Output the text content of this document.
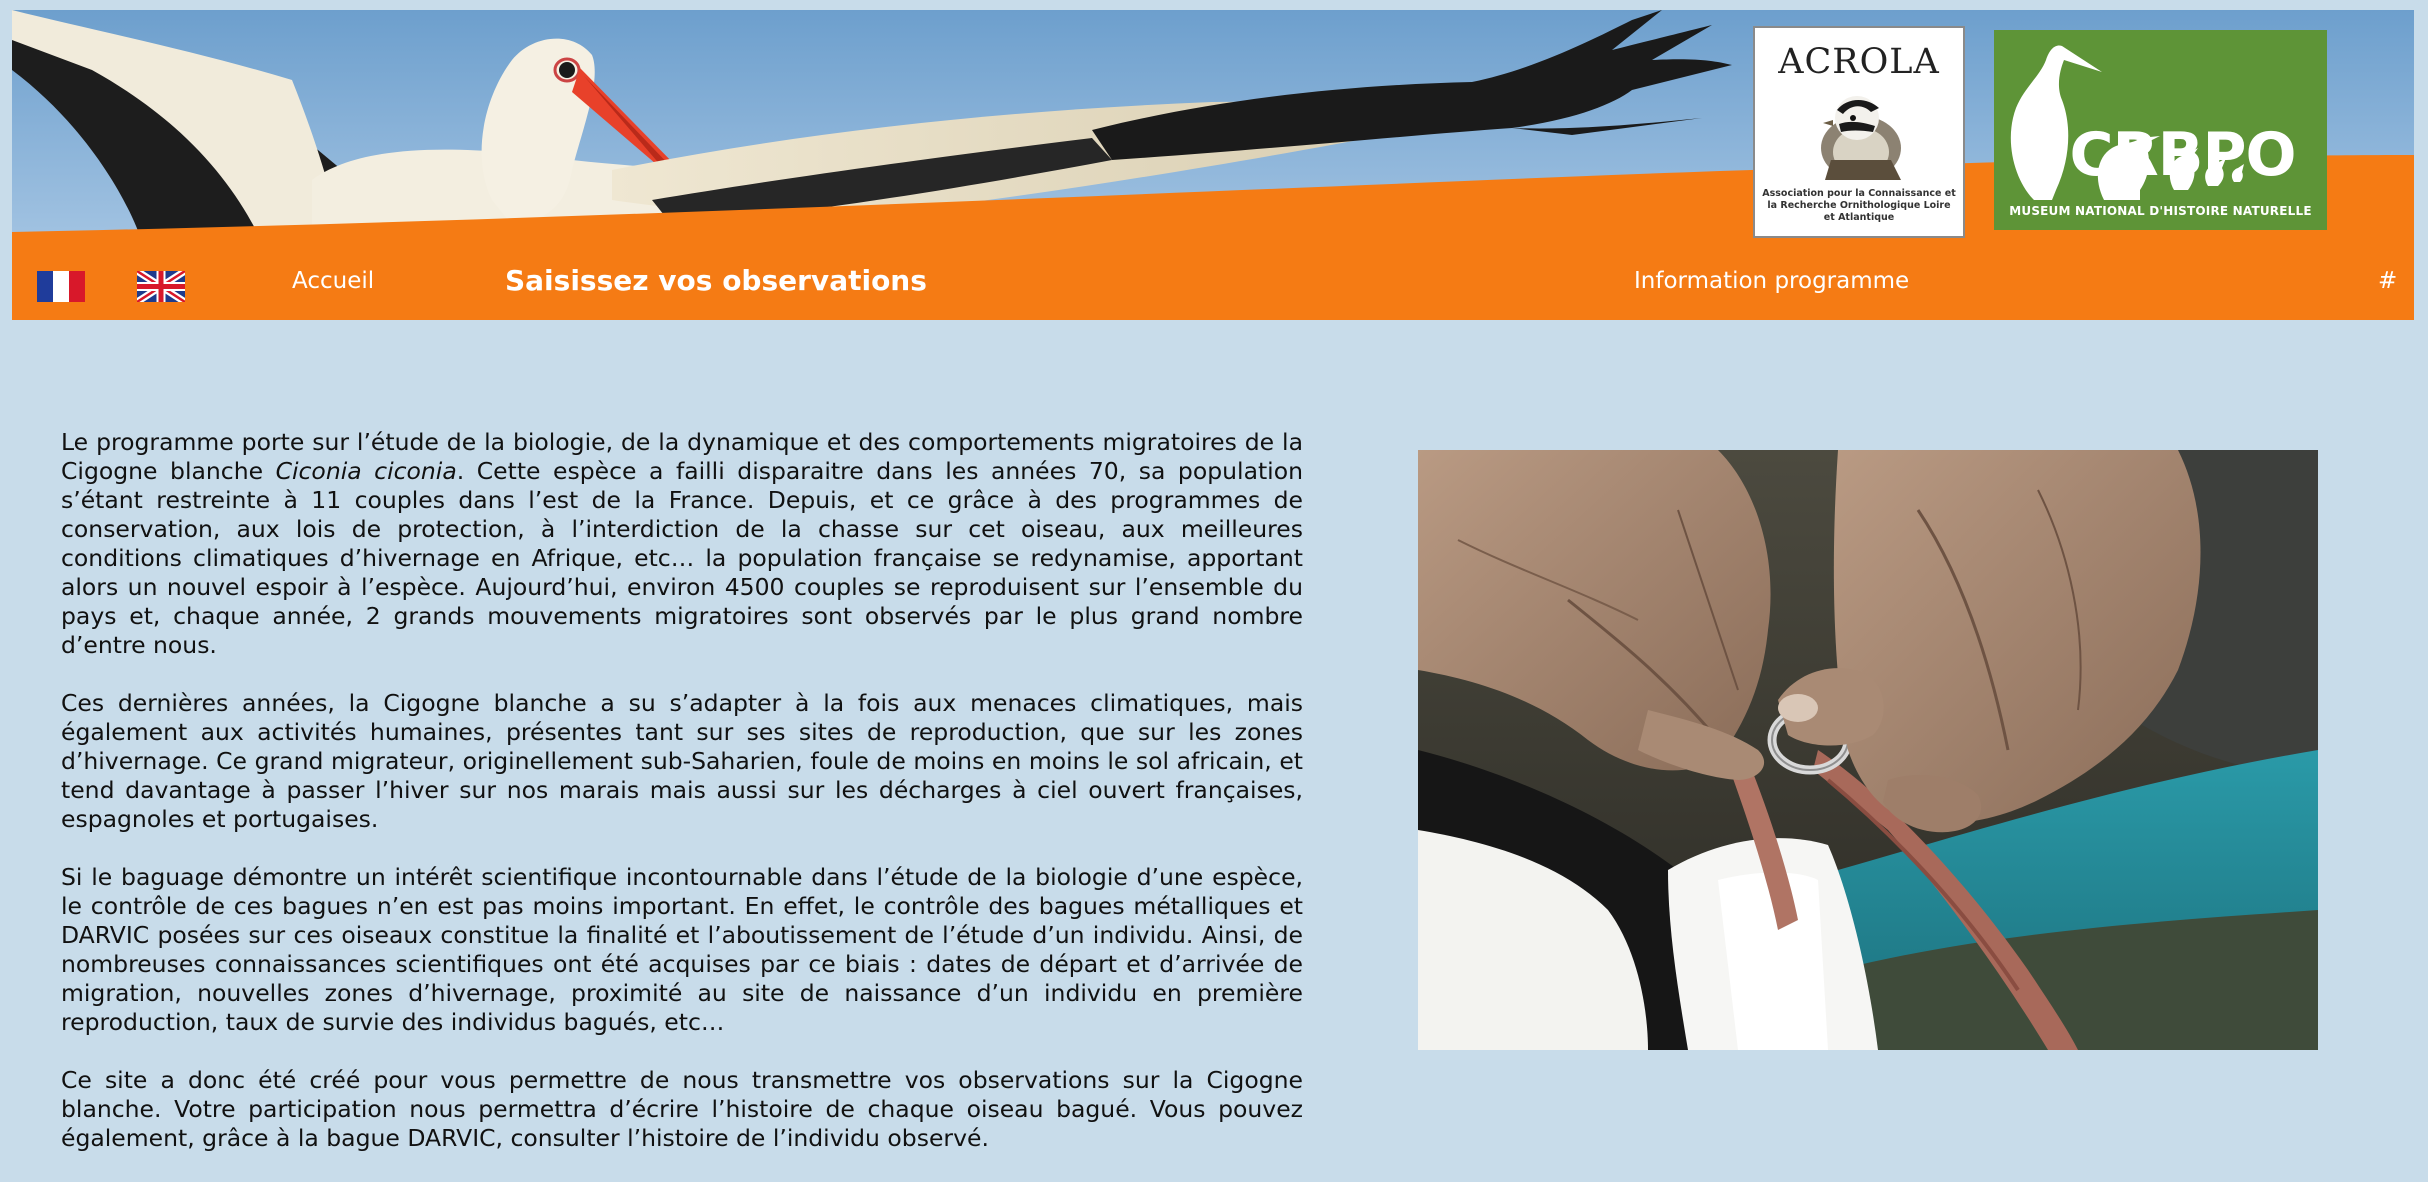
ACROLA
Association pour la Connaissance et la Recherche Ornithologique Loire et Atlantique
CRBPO
MUSEUM NATIONAL D'HISTOIRE NATURELLE
Accueil	Saisissez vos observations	Information programme	#

Le programme porte sur l’étude de la biologie, de la dynamique et des comportements migratoires de la Cigogne blanche Ciconia ciconia. Cette espèce a failli disparaitre dans les années 70, sa population s’étant restreinte à 11 couples dans l’est de la France. Depuis, et ce grâce à des programmes de conservation, aux lois de protection, à l’interdiction de la chasse sur cet oiseau, aux meilleures conditions climatiques d’hivernage en Afrique, etc… la population française se redynamise, apportant alors un nouvel espoir à l’espèce. Aujourd’hui, environ 4500 couples se reproduisent sur l’ensemble du pays et, chaque année, 2 grands mouvements migratoires sont observés par le plus grand nombre d’entre nous.

Ces dernières années, la Cigogne blanche a su s’adapter à la fois aux menaces climatiques, mais également aux activités humaines, présentes tant sur ses sites de reproduction, que sur les zones d’hivernage. Ce grand migrateur, originellement sub-Saharien, foule de moins en moins le sol africain, et tend davantage à passer l’hiver sur nos marais mais aussi sur les décharges à ciel ouvert françaises, espagnoles et portugaises.

Si le baguage démontre un intérêt scientifique incontournable dans l’étude de la biologie d’une espèce, le contrôle de ces bagues n’en est pas moins important. En effet, le contrôle des bagues métalliques et DARVIC posées sur ces oiseaux constitue la finalité et l’aboutissement de l’étude d’un individu. Ainsi, de nombreuses connaissances scientifiques ont été acquises par ce biais : dates de départ et d’arrivée de migration, nouvelles zones d’hivernage, proximité au site de naissance d’un individu en première reproduction, taux de survie des individus bagués, etc…

Ce site a donc été créé pour vous permettre de nous transmettre vos observations sur la Cigogne blanche. Votre participation nous permettra d’écrire l’histoire de chaque oiseau bagué. Vous pouvez également, grâce à la bague DARVIC, consulter l’histoire de l’individu observé.
